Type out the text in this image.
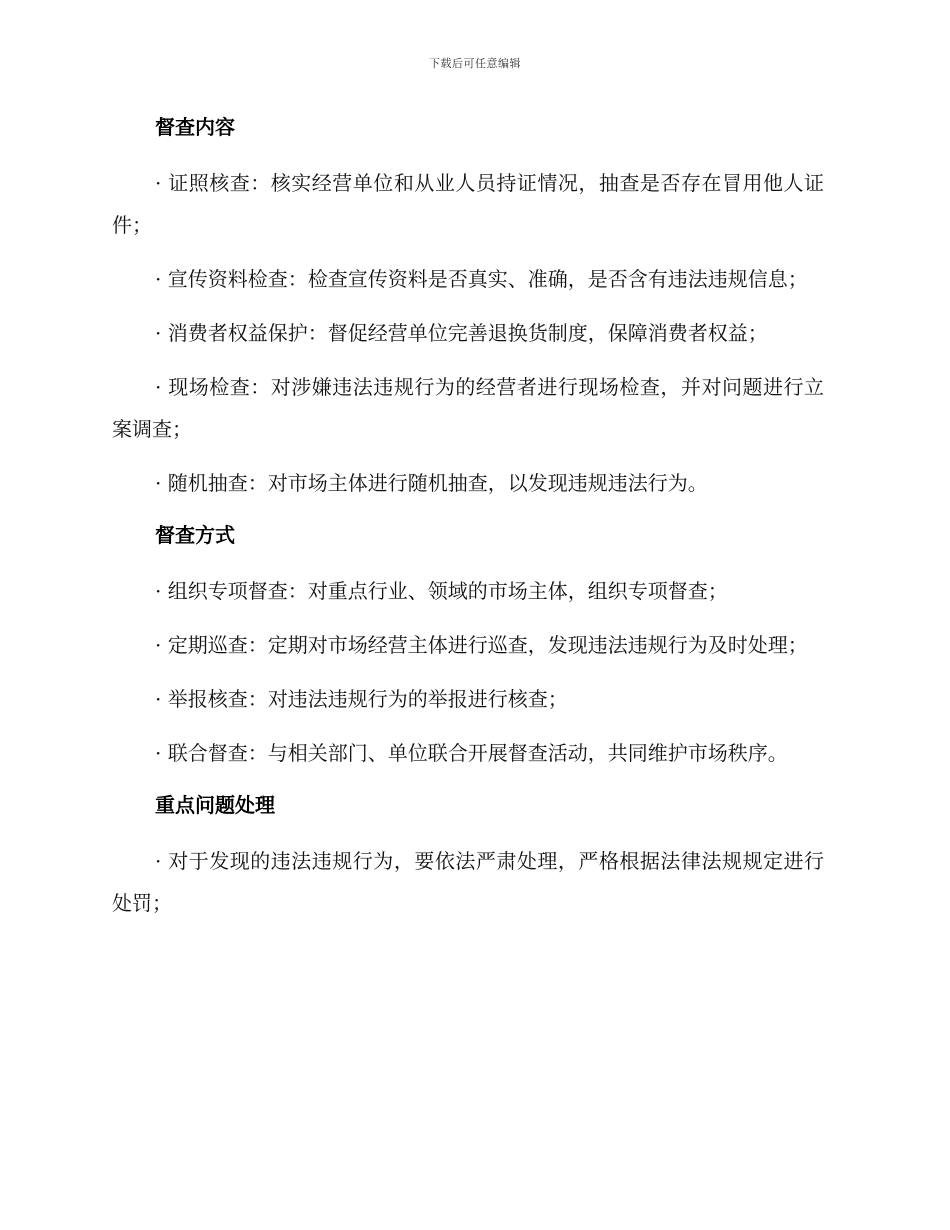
下载后可任意编辑
督查内容

· 证照核查：核实经营单位和从业人员持证情况，抽查是否存在冒用他人证件；

· 宣传资料检查：检查宣传资料是否真实、准确，是否含有违法违规信息；

· 消费者权益保护：督促经营单位完善退换货制度，保障消费者权益；

· 现场检查：对涉嫌违法违规行为的经营者进行现场检查，并对问题进行立案调查；

· 随机抽查：对市场主体进行随机抽查，以发现违规违法行为。

督查方式

· 组织专项督查：对重点行业、领域的市场主体，组织专项督查；

· 定期巡查：定期对市场经营主体进行巡查，发现违法违规行为及时处理；

· 举报核查：对违法违规行为的举报进行核查；

· 联合督查：与相关部门、单位联合开展督查活动，共同维护市场秩序。

重点问题处理

· 对于发现的违法违规行为，要依法严肃处理，严格根据法律法规规定进行处罚；
